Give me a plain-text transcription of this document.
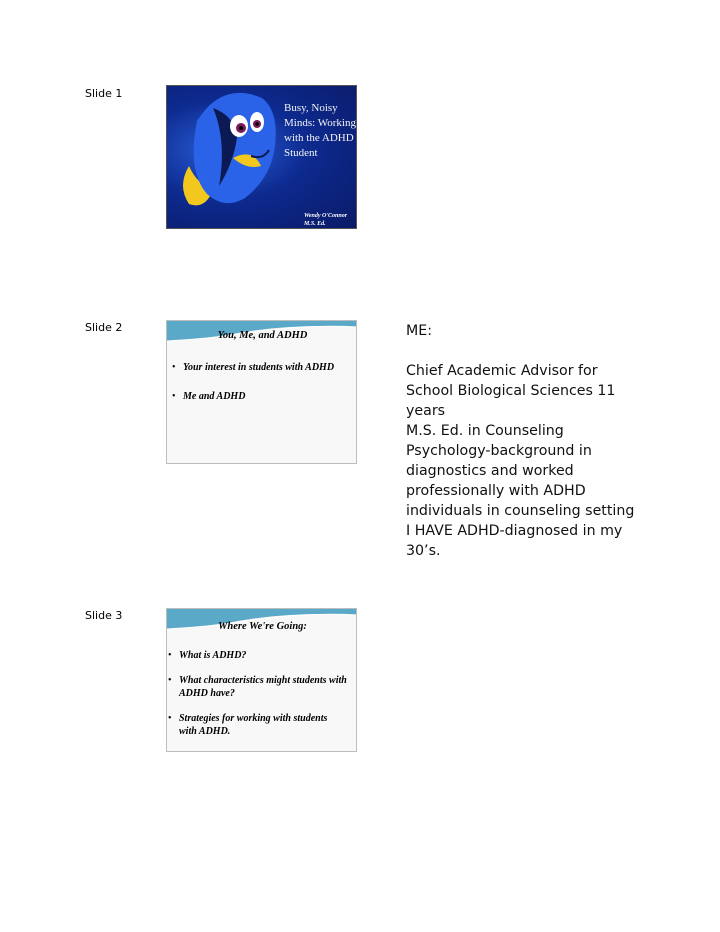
Slide 1
Busy, Noisy Minds: Working with the ADHD Student
Wendy O'Connor
M.S. Ed.
Slide 2
You, Me, and ADHD
• Your interest in students with ADHD
• Me and ADHD

ME:

Chief Academic Advisor for School Biological Sciences 11 years

M.S. Ed. in Counseling Psychology-background in diagnostics and worked professionally with ADHD individuals in counseling setting

I HAVE ADHD-diagnosed in my 30’s.

Slide 3
Where We're Going:
• What is ADHD?
• What characteristics might students with ADHD have?
• Strategies for working with students with ADHD.
